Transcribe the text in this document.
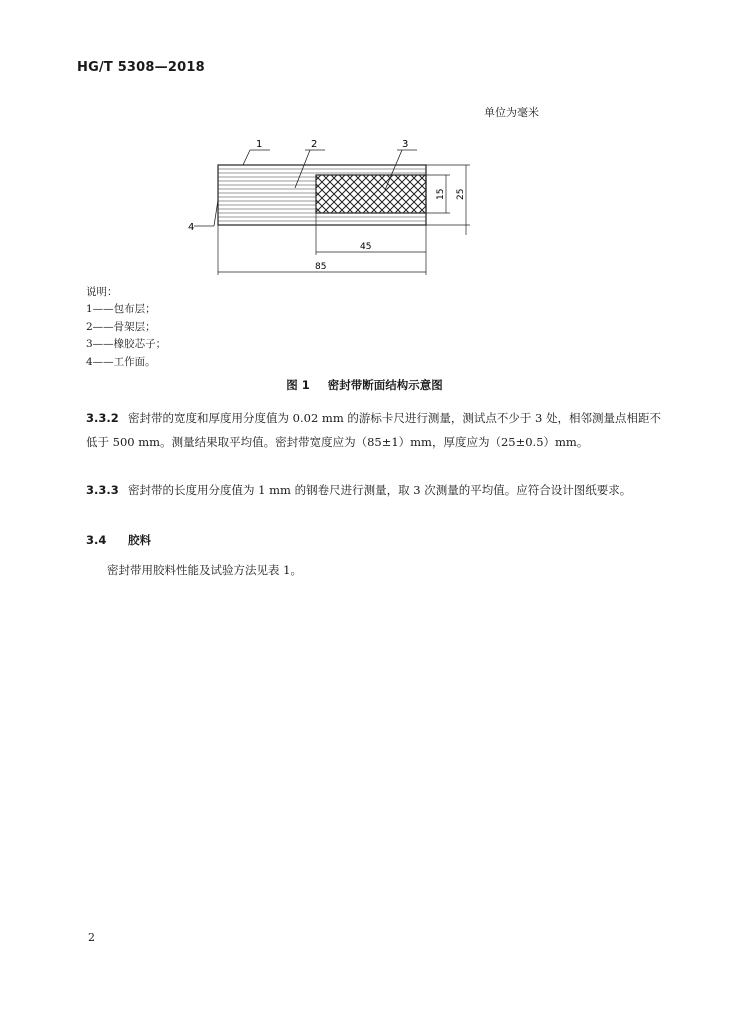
HG/T 5308—2018
单位为毫米
1	2	3
4
15 25
45
85
说明：
1——包布层；
2——骨架层；
3——橡胶芯子；
4——工作面。
图 1 密封带断面结构示意图
3.3.2 密封带的宽度和厚度用分度值为 0.02 mm 的游标卡尺进行测量，测试点不少于 3 处，相邻测量点相距不低于 500 mm。测量结果取平均值。密封带宽度应为（85±1）mm，厚度应为（25±0.5）mm。
3.3.3 密封带的长度用分度值为 1 mm 的钢卷尺进行测量，取 3 次测量的平均值。应符合设计图纸要求。
3.4 胶料
密封带用胶料性能及试验方法见表 1。
2
